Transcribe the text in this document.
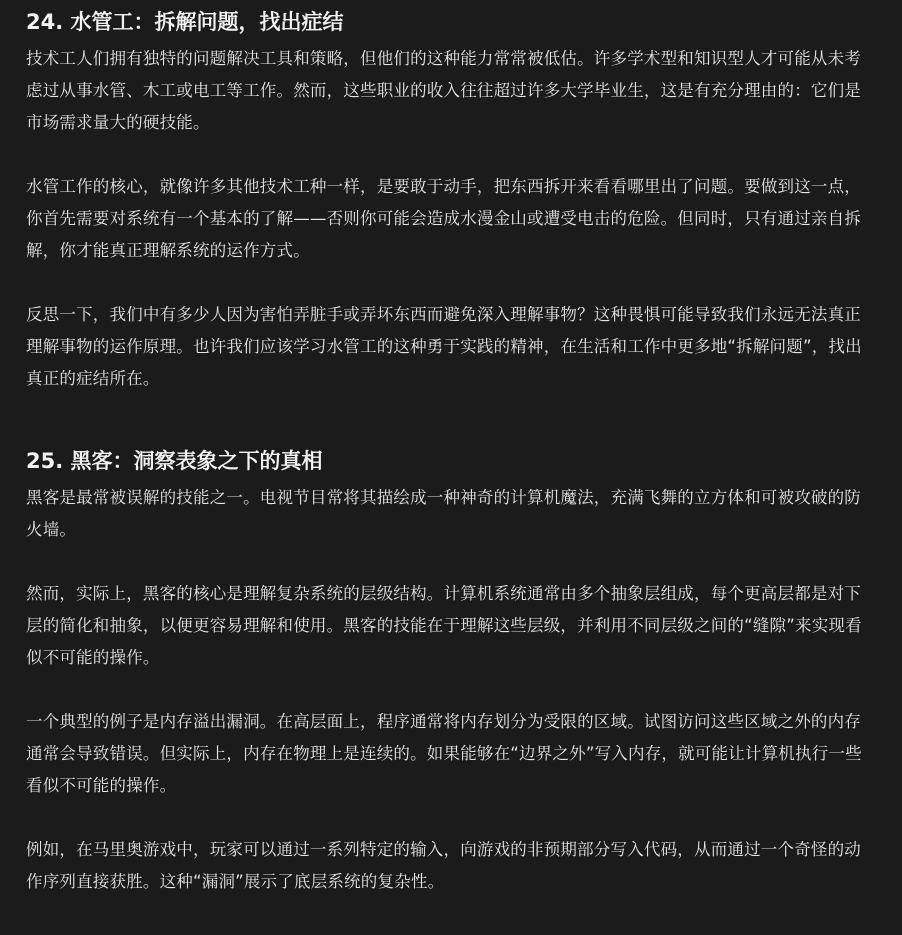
24. 水管工：拆解问题，找出症结

技术工人们拥有独特的问题解决工具和策略，但他们的这种能力常常被低估。许多学术型和知识型人才可能从未考虑过从事水管、木工或电工等工作。然而，这些职业的收入往往超过许多大学毕业生，这是有充分理由的：它们是市场需求量大的硬技能。

水管工作的核心，就像许多其他技术工种一样，是要敢于动手，把东西拆开来看看哪里出了问题。要做到这一点，你首先需要对系统有一个基本的了解——否则你可能会造成水漫金山或遭受电击的危险。但同时，只有通过亲自拆解，你才能真正理解系统的运作方式。

反思一下，我们中有多少人因为害怕弄脏手或弄坏东西而避免深入理解事物？这种畏惧可能导致我们永远无法真正理解事物的运作原理。也许我们应该学习水管工的这种勇于实践的精神，在生活和工作中更多地“拆解问题”，找出真正的症结所在。

25. 黑客：洞察表象之下的真相

黑客是最常被误解的技能之一。电视节目常将其描绘成一种神奇的计算机魔法，充满飞舞的立方体和可被攻破的防火墙。

然而，实际上，黑客的核心是理解复杂系统的层级结构。计算机系统通常由多个抽象层组成，每个更高层都是对下层的简化和抽象，以便更容易理解和使用。黑客的技能在于理解这些层级，并利用不同层级之间的“缝隙”来实现看似不可能的操作。

一个典型的例子是内存溢出漏洞。在高层面上，程序通常将内存划分为受限的区域。试图访问这些区域之外的内存通常会导致错误。但实际上，内存在物理上是连续的。如果能够在“边界之外”写入内存，就可能让计算机执行一些看似不可能的操作。

例如，在马里奥游戏中，玩家可以通过一系列特定的输入，向游戏的非预期部分写入代码，从而通过一个奇怪的动作序列直接获胜。这种“漏洞”展示了底层系统的复杂性。
